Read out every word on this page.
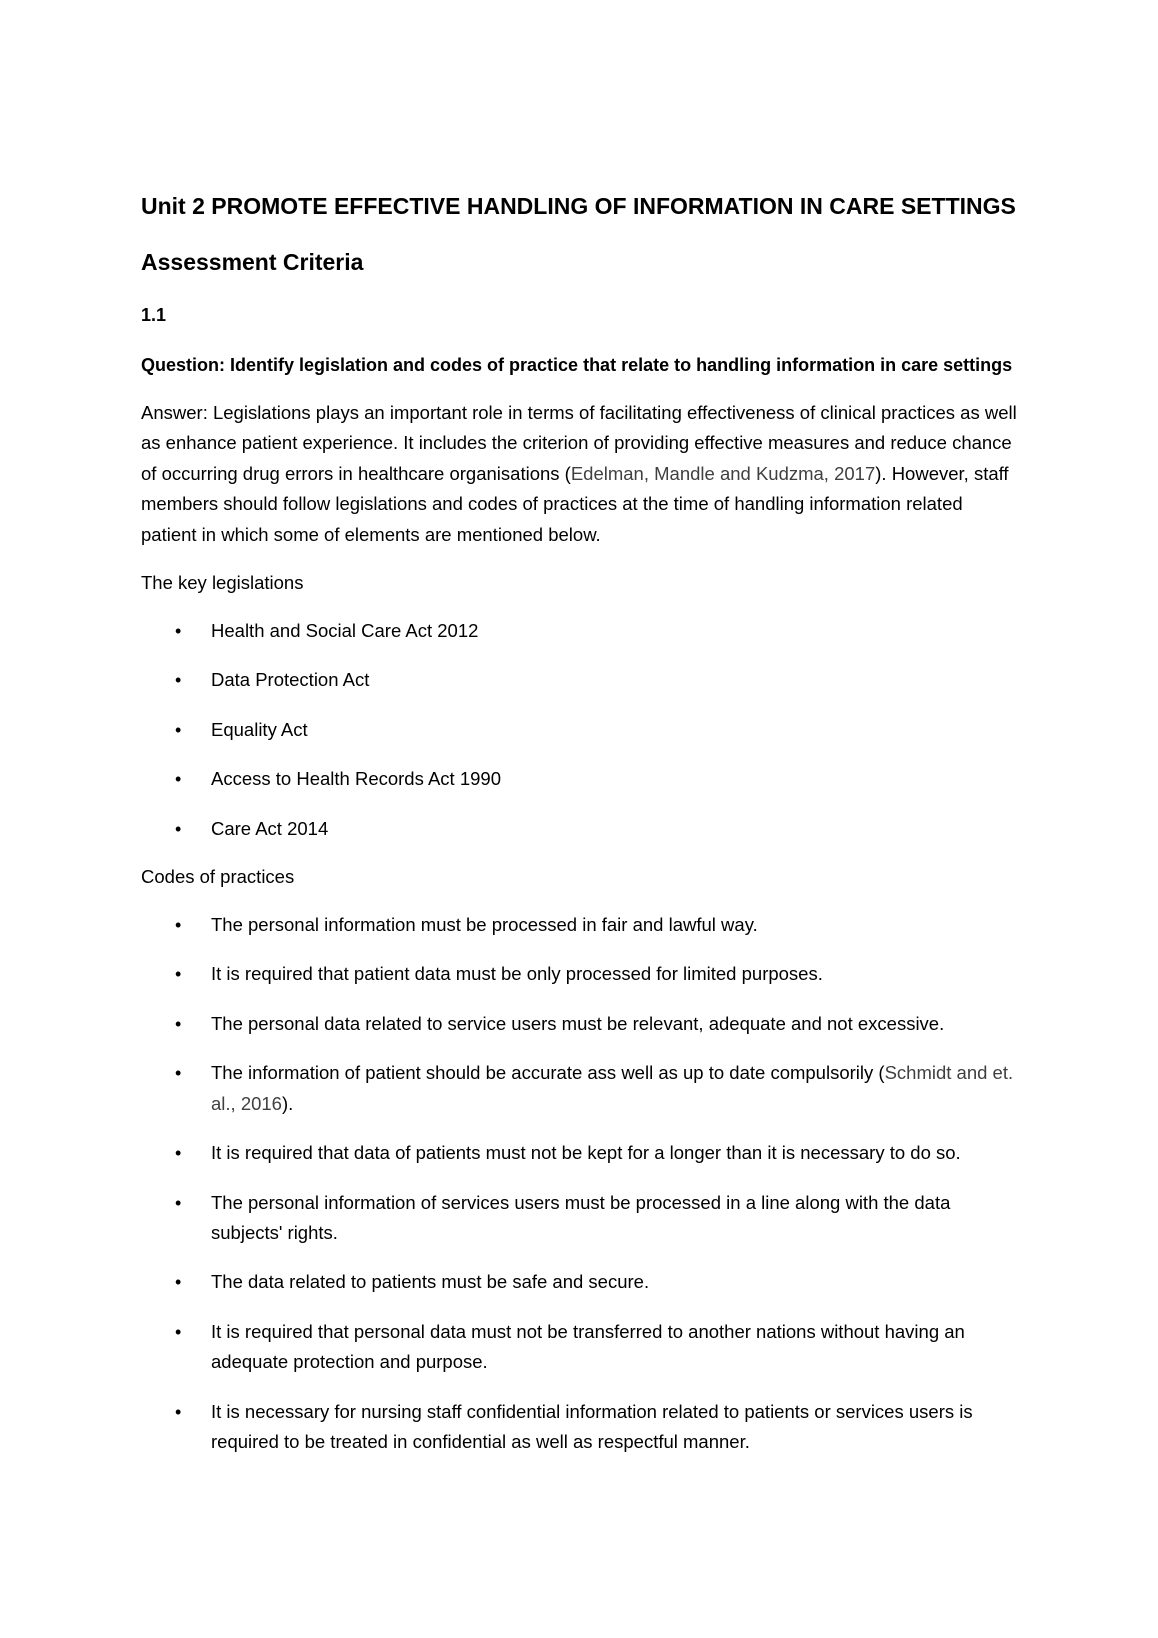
Unit 2 PROMOTE EFFECTIVE HANDLING OF INFORMATION IN CARE SETTINGS
Assessment Criteria
1.1

Question: Identify legislation and codes of practice that relate to handling information in care settings

Answer: Legislations plays an important role in terms of facilitating effectiveness of clinical practices as well as enhance patient experience. It includes the criterion of providing effective measures and reduce chance of occurring drug errors in healthcare organisations (Edelman, Mandle and Kudzma, 2017). However, staff members should follow legislations and codes of practices at the time of handling information related patient in which some of elements are mentioned below.

The key legislations

• Health and Social Care Act 2012
• Data Protection Act
• Equality Act
• Access to Health Records Act 1990
• Care Act 2014

Codes of practices

• The personal information must be processed in fair and lawful way.
• It is required that patient data must be only processed for limited purposes.
• The personal data related to service users must be relevant, adequate and not excessive.
• The information of patient should be accurate ass well as up to date compulsorily (Schmidt and et. al., 2016).
• It is required that data of patients must not be kept for a longer than it is necessary to do so.
• The personal information of services users must be processed in a line along with the data subjects' rights.
• The data related to patients must be safe and secure.
• It is required that personal data must not be transferred to another nations without having an adequate protection and purpose.
• It is necessary for nursing staff confidential information related to patients or services users is required to be treated in confidential as well as respectful manner.
